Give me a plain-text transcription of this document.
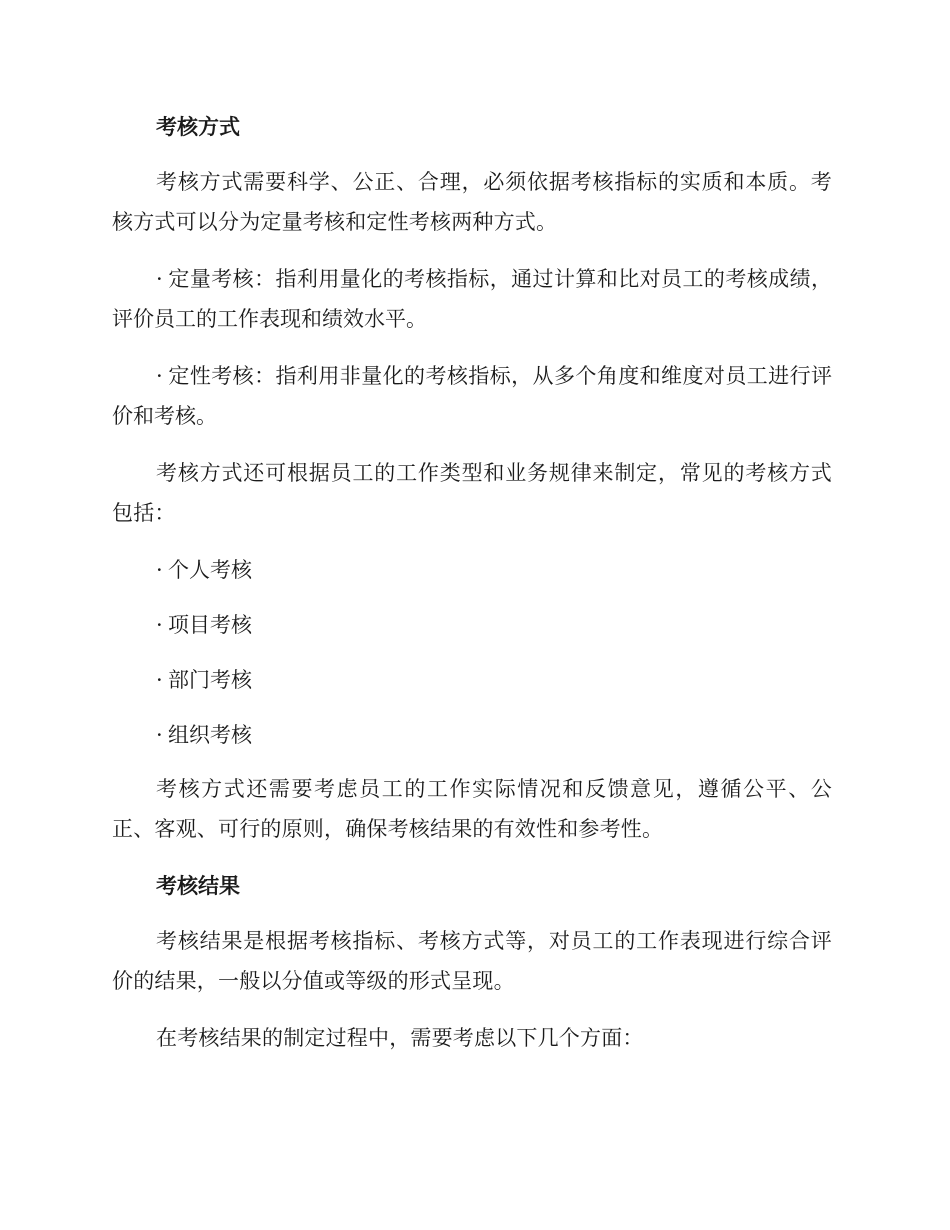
考核方式
考核方式需要科学、公正、合理，必须依据考核指标的实质和本质。考核方式可以分为定量考核和定性考核两种方式。
· 定量考核：指利用量化的考核指标，通过计算和比对员工的考核成绩，评价员工的工作表现和绩效水平。
· 定性考核：指利用非量化的考核指标，从多个角度和维度对员工进行评价和考核。
考核方式还可根据员工的工作类型和业务规律来制定，常见的考核方式包括：
· 个人考核
· 项目考核
· 部门考核
· 组织考核
考核方式还需要考虑员工的工作实际情况和反馈意见，遵循公平、公正、客观、可行的原则，确保考核结果的有效性和参考性。
考核结果
考核结果是根据考核指标、考核方式等，对员工的工作表现进行综合评价的结果，一般以分值或等级的形式呈现。
在考核结果的制定过程中，需要考虑以下几个方面：
